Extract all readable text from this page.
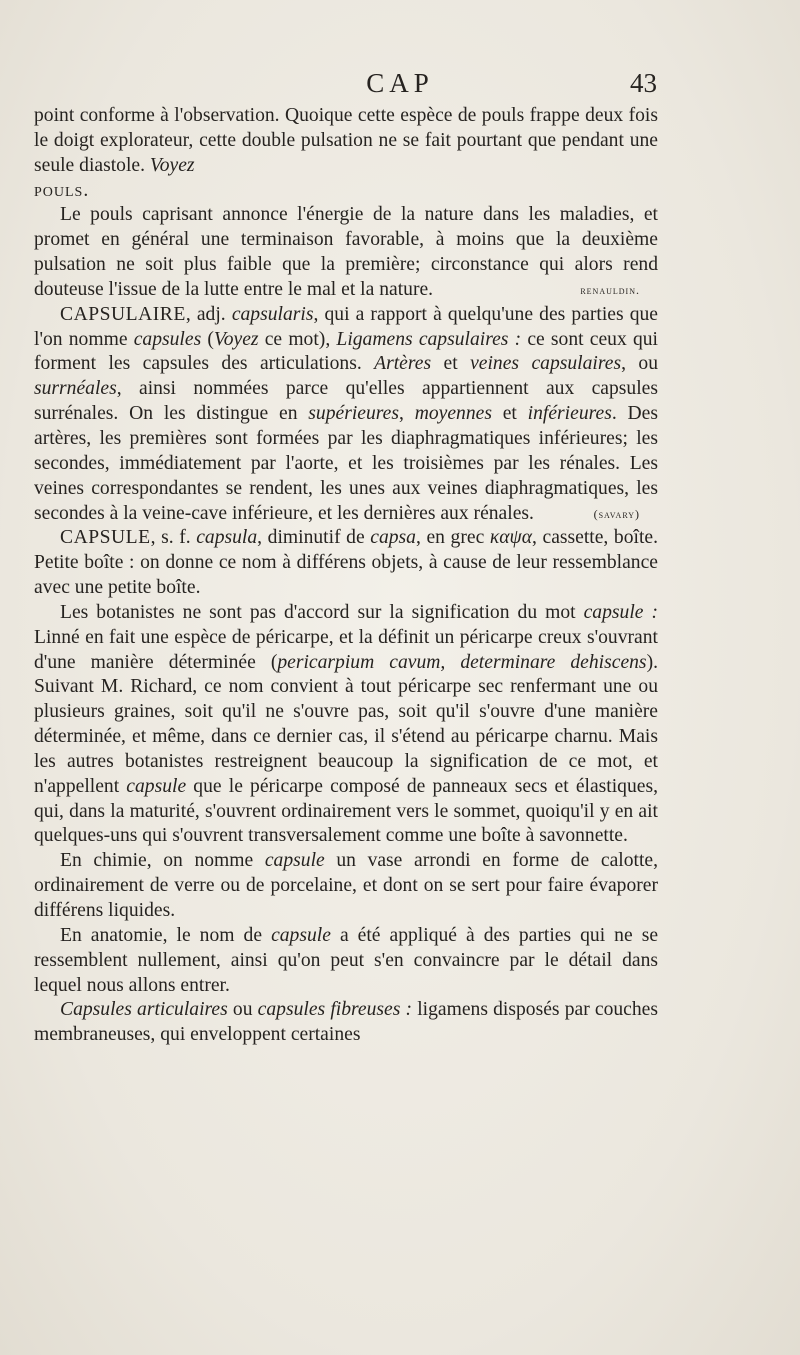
CAP	43

point conforme à l'observation. Quoique cette espèce de pouls frappe deux fois le doigt explorateur, cette double pulsation ne se fait pourtant que pendant une seule diastole. Voyez
pouls.

Le pouls caprisant annonce l'énergie de la nature dans les maladies, et promet en général une terminaison favorable, à moins que la deuxième pulsation ne soit plus faible que la première; circonstance qui alors rend douteuse l'issue de la lutte entre le mal et la nature.	renauldin.

CAPSULAIRE, adj. capsularis, qui a rapport à quelqu'une des parties que l'on nomme capsules (Voyez ce mot), Ligamens capsulaires : ce sont ceux qui forment les capsules des articulations. Artères et veines capsulaires, ou surrnéales, ainsi nommées parce qu'elles appartiennent aux capsules surrénales. On les distingue en supérieures, moyennes et inférieures. Des artères, les premières sont formées par les diaphragmatiques inférieures; les secondes, immédiatement par l'aorte, et les troisièmes par les rénales. Les veines correspondantes se rendent, les unes aux veines diaphragmatiques, les secondes à la veine-cave inférieure, et les dernières aux rénales.	(savary)

CAPSULE, s. f. capsula, diminutif de capsa, en grec καψα, cassette, boîte. Petite boîte : on donne ce nom à différens objets, à cause de leur ressemblance avec une petite boîte.

Les botanistes ne sont pas d'accord sur la signification du mot capsule : Linné en fait une espèce de péricarpe, et la définit un péricarpe creux s'ouvrant d'une manière déterminée (pericarpium cavum, determinare dehiscens). Suivant M. Richard, ce nom convient à tout péricarpe sec renfermant une ou plusieurs graines, soit qu'il ne s'ouvre pas, soit qu'il s'ouvre d'une manière déterminée, et même, dans ce dernier cas, il s'étend au péricarpe charnu. Mais les autres botanistes restreignent beaucoup la signification de ce mot, et n'appellent capsule que le péricarpe composé de panneaux secs et élastiques, qui, dans la maturité, s'ouvrent ordinairement vers le sommet, quoiqu'il y en ait quelques-uns qui s'ouvrent transversalement comme une boîte à savonnette.

En chimie, on nomme capsule un vase arrondi en forme de calotte, ordinairement de verre ou de porcelaine, et dont on se sert pour faire évaporer différens liquides.

En anatomie, le nom de capsule a été appliqué à des parties qui ne se ressemblent nullement, ainsi qu'on peut s'en convaincre par le détail dans lequel nous allons entrer.

Capsules articulaires ou capsules fibreuses : ligamens disposés par couches membraneuses, qui enveloppent certaines
